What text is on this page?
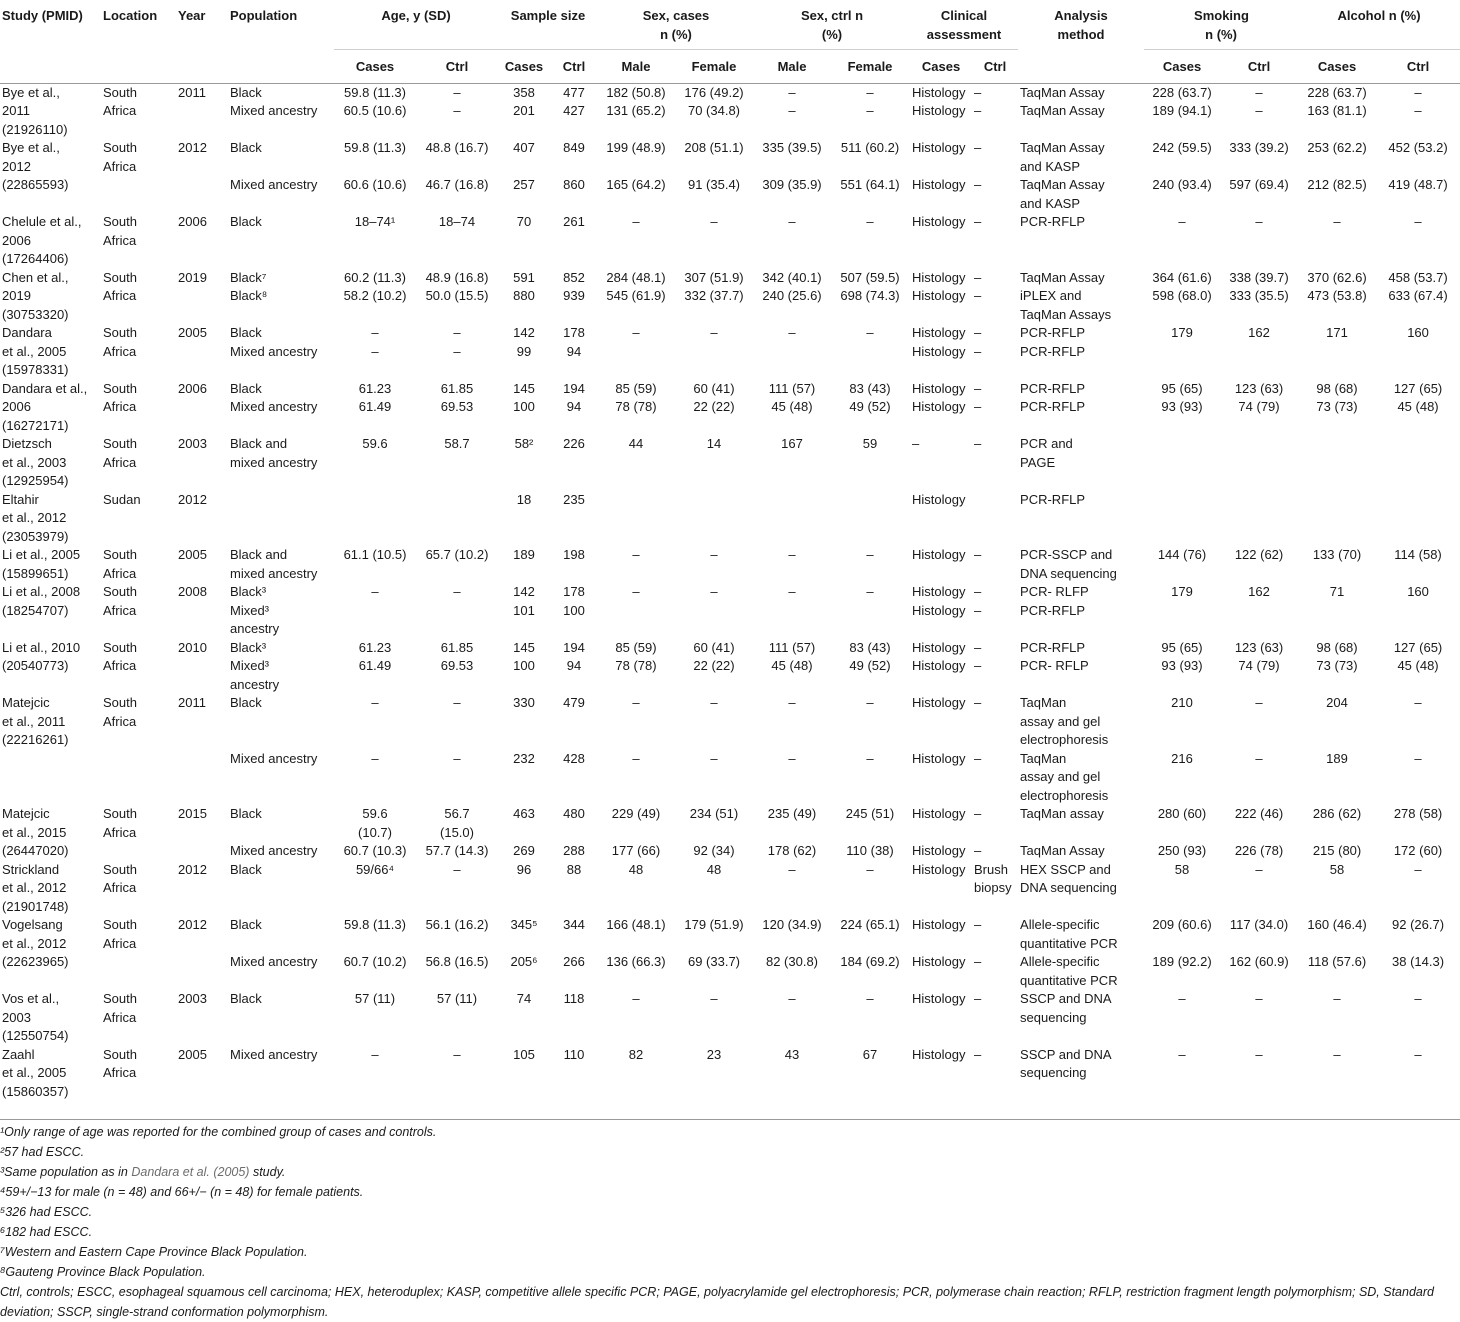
Study (PMID)	Location	Year	Population	Age, y (SD)		Sample size		Sex, cases n (%)		Sex, ctrl n (%)		Clinical assessment		Analysis method	Smoking n (%)		Alcohol n (%)	
				Cases	Ctrl	Cases	Ctrl	Male	Female	Male	Female	Cases	Ctrl		Cases	Ctrl	Cases	Ctrl
Bye et al.,	South	2011	Black	59.8 (11.3)	–	358	477	182 (50.8)	176 (49.2)	–	–	Histology	–	TaqMan Assay	228 (63.7)	–	228 (63.7)	–
2011	Africa		Mixed ancestry	60.5 (10.6)	–	201	427	131 (65.2)	70 (34.8)	–	–	Histology	–	TaqMan Assay	189 (94.1)	–	163 (81.1)	–
(21926110)																		
Bye et al.,	South	2012	Black	59.8 (11.3)	48.8 (16.7)	407	849	199 (48.9)	208 (51.1)	335 (39.5)	511 (60.2)	Histology	–	TaqMan Assay	242 (59.5)	333 (39.2)	253 (62.2)	452 (53.2)
2012	Africa													and KASP				
(22865593)			Mixed ancestry	60.6 (10.6)	46.7 (16.8)	257	860	165 (64.2)	91 (35.4)	309 (35.9)	551 (64.1)	Histology	–	TaqMan Assay	240 (93.4)	597 (69.4)	212 (82.5)	419 (48.7)
														and KASP				
Chelule et al.,	South	2006	Black	18–74¹	18–74	70	261	–	–	–	–	Histology	–	PCR-RFLP	–	–	–	–
2006	Africa																	
(17264406)																		
Chen et al.,	South	2019	Black⁷	60.2 (11.3)	48.9 (16.8)	591	852	284 (48.1)	307 (51.9)	342 (40.1)	507 (59.5)	Histology	–	TaqMan Assay	364 (61.6)	338 (39.7)	370 (62.6)	458 (53.7)
2019	Africa		Black⁸	58.2 (10.2)	50.0 (15.5)	880	939	545 (61.9)	332 (37.7)	240 (25.6)	698 (74.3)	Histology	–	iPLEX and	598 (68.0)	333 (35.5)	473 (53.8)	633 (67.4)
(30753320)														TaqMan Assays				
Dandara	South	2005	Black	–	–	142	178	–	–	–	–	Histology	–	PCR-RFLP	179	162	171	160
et al., 2005	Africa		Mixed ancestry	–	–	99	94					Histology	–	PCR-RFLP				
(15978331)																		
Dandara et al.,	South	2006	Black	61.23	61.85	145	194	85 (59)	60 (41)	111 (57)	83 (43)	Histology	–	PCR-RFLP	95 (65)	123 (63)	98 (68)	127 (65)
2006	Africa		Mixed ancestry	61.49	69.53	100	94	78 (78)	22 (22)	45 (48)	49 (52)	Histology	–	PCR-RFLP	93 (93)	74 (79)	73 (73)	45 (48)
(16272171)																		
Dietzsch	South	2003	Black and	59.6	58.7	58²	226	44	14	167	59	–	–	PCR and				
et al., 2003	Africa		mixed ancestry											PAGE				
(12925954)																		
Eltahir	Sudan	2012				18	235					Histology		PCR-RFLP				
et al., 2012																		
(23053979)																		
Li et al., 2005	South	2005	Black and	61.1 (10.5)	65.7 (10.2)	189	198	–	–	–	–	Histology	–	PCR-SSCP and	144 (76)	122 (62)	133 (70)	114 (58)
(15899651)	Africa		mixed ancestry											DNA sequencing				
Li et al., 2008	South	2008	Black³	–	–	142	178	–	–	–	–	Histology	–	PCR- RLFP	179	162	71	160
(18254707)	Africa		Mixed³			101	100					Histology	–	PCR-RFLP				
			ancestry															
Li et al., 2010	South	2010	Black³	61.23	61.85	145	194	85 (59)	60 (41)	111 (57)	83 (43)	Histology	–	PCR-RFLP	95 (65)	123 (63)	98 (68)	127 (65)
(20540773)	Africa		Mixed³	61.49	69.53	100	94	78 (78)	22 (22)	45 (48)	49 (52)	Histology	–	PCR- RFLP	93 (93)	74 (79)	73 (73)	45 (48)
			ancestry															
Matejcic	South	2011	Black	–	–	330	479	–	–	–	–	Histology	–	TaqMan	210	–	204	–
et al., 2011	Africa													assay and gel				
(22216261)														electrophoresis				
			Mixed ancestry	–	–	232	428	–	–	–	–	Histology	–	TaqMan	216	–	189	–
														assay and gel				
														electrophoresis				
Matejcic	South	2015	Black	59.6	56.7	463	480	229 (49)	234 (51)	235 (49)	245 (51)	Histology	–	TaqMan assay	280 (60)	222 (46)	286 (62)	278 (58)
et al., 2015	Africa			(10.7)	(15.0)													
(26447020)			Mixed ancestry	60.7 (10.3)	57.7 (14.3)	269	288	177 (66)	92 (34)	178 (62)	110 (38)	Histology	–	TaqMan Assay	250 (93)	226 (78)	215 (80)	172 (60)
Strickland	South	2012	Black	59/66⁴	–	96	88	48	48	–	–	Histology	Brush	HEX SSCP and	58	–	58	–
et al., 2012	Africa												biopsy	DNA sequencing				
(21901748)																		
Vogelsang	South	2012	Black	59.8 (11.3)	56.1 (16.2)	345⁵	344	166 (48.1)	179 (51.9)	120 (34.9)	224 (65.1)	Histology	–	Allele-specific	209 (60.6)	117 (34.0)	160 (46.4)	92 (26.7)
et al., 2012	Africa													quantitative PCR				
(22623965)			Mixed ancestry	60.7 (10.2)	56.8 (16.5)	205⁶	266	136 (66.3)	69 (33.7)	82 (30.8)	184 (69.2)	Histology	–	Allele-specific	189 (92.2)	162 (60.9)	118 (57.6)	38 (14.3)
														quantitative PCR				
Vos et al.,	South	2003	Black	57 (11)	57 (11)	74	118	–	–	–	–	Histology	–	SSCP and DNA	–	–	–	–
2003	Africa													sequencing				
(12550754)																		
Zaahl	South	2005	Mixed ancestry	–	–	105	110	82	23	43	67	Histology	–	SSCP and DNA	–	–	–	–
et al., 2005	Africa													sequencing				
(15860357)																		
¹Only range of age was reported for the combined group of cases and controls.
²57 had ESCC.
³Same population as in Dandara et al. (2005) study.
⁴59+/−13 for male (n = 48) and 66+/− (n = 48) for female patients.
⁵326 had ESCC.
⁶182 had ESCC.
⁷Western and Eastern Cape Province Black Population.
⁸Gauteng Province Black Population.
Ctrl, controls; ESCC, esophageal squamous cell carcinoma; HEX, heteroduplex; KASP, competitive allele specific PCR; PAGE, polyacrylamide gel electrophoresis; PCR, polymerase chain reaction; RFLP, restriction fragment length polymorphism; SD, Standard deviation; SSCP, single-strand conformation polymorphism.
